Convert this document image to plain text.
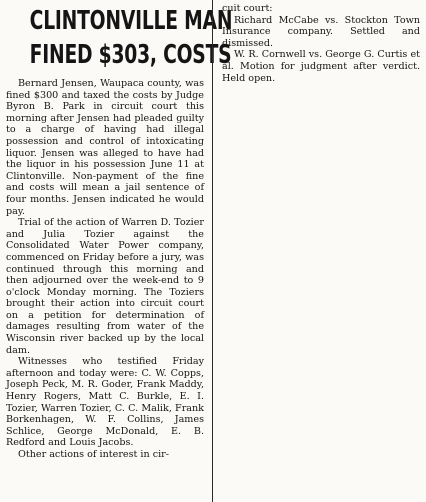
CLINTONVILLE MAN
FINED $303, COSTS

Bernard Jensen, Waupaca county, was fined $300 and taxed the costs by Judge Byron B. Park in circuit court this morning after Jensen had pleaded guilty to a charge of having had illegal possession and control of intoxicating liquor. Jensen was alleged to have had the liquor in his possession June 11 at Clintonville. Non-payment of the fine and costs will mean a jail sentence of four months. Jensen indicated he would pay.

Trial of the action of Warren D. Tozier and Julia Tozier against the Consolidated Water Power company, commenced on Friday before a jury, was continued through this morning and then adjourned over the week-end to 9 o'clock Monday morning. The Toziers brought their action into circuit court on a petition for determination of damages resulting from water of the Wisconsin river backed up by the local dam.

Witnesses who testified Friday afternoon and today were: C. W. Copps, Joseph Peck, M. R. Goder, Frank Maddy, Henry Rogers, Matt C. Burkle, E. I. Tozier, Warren Tozier, C. C. Malik, Frank Borkenhagen, W. F. Collins, James Schlice, George McDonald, E. B. Redford and Louis Jacobs.

Other actions of interest in cir-

cuit court:

Richard McCabe vs. Stockton Town Insurance company. Settled and dismissed.

W. R. Cornwell vs. George G. Curtis et al. Motion for judgment after verdict. Held open.
